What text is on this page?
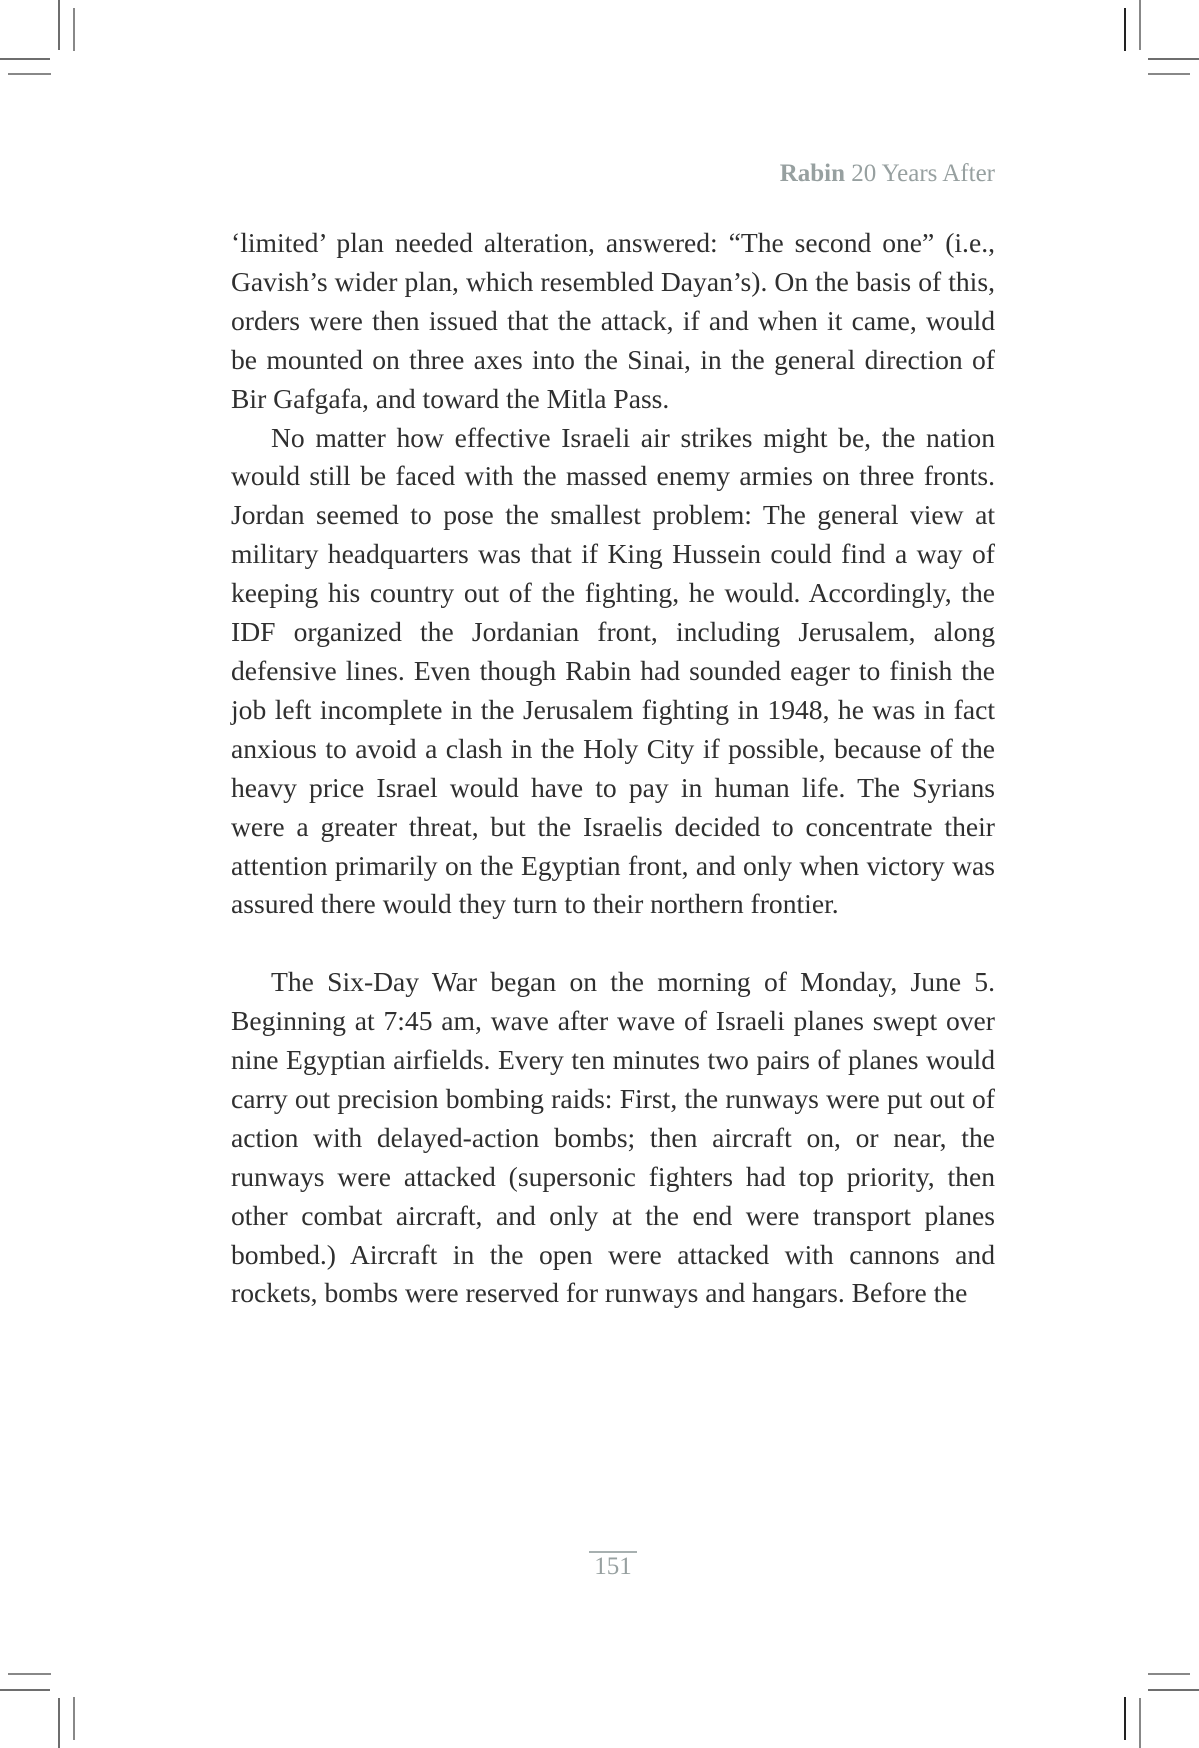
Rabin 20 Years After

‘limited’ plan needed alteration, answered: “The second one” (i.e., Gavish’s wider plan, which resembled Dayan’s). On the basis of this, orders were then issued that the attack, if and when it came, would be mounted on three axes into the Sinai, in the general direction of Bir Gafgafa, and toward the Mitla Pass.

No matter how effective Israeli air strikes might be, the nation would still be faced with the massed enemy armies on three fronts. Jordan seemed to pose the smallest problem: The general view at military headquarters was that if King Hussein could find a way of keeping his country out of the fighting, he would. Accordingly, the IDF organized the Jordanian front, including Jerusalem, along defensive lines. Even though Rabin had sounded eager to finish the job left incomplete in the Jerusalem fighting in 1948, he was in fact anxious to avoid a clash in the Holy City if possible, because of the heavy price Israel would have to pay in human life. The Syrians were a greater threat, but the Israelis decided to concentrate their attention primarily on the Egyptian front, and only when victory was assured there would they turn to their northern frontier.

The Six-Day War began on the morning of Monday, June 5. Beginning at 7:45 am, wave after wave of Israeli planes swept over nine Egyptian airfields. Every ten minutes two pairs of planes would carry out precision bombing raids: First, the runways were put out of action with delayed-action bombs; then aircraft on, or near, the runways were attacked (supersonic fighters had top priority, then other combat aircraft, and only at the end were transport planes bombed.) Aircraft in the open were attacked with cannons and rockets, bombs were reserved for runways and hangars. Before the

151
